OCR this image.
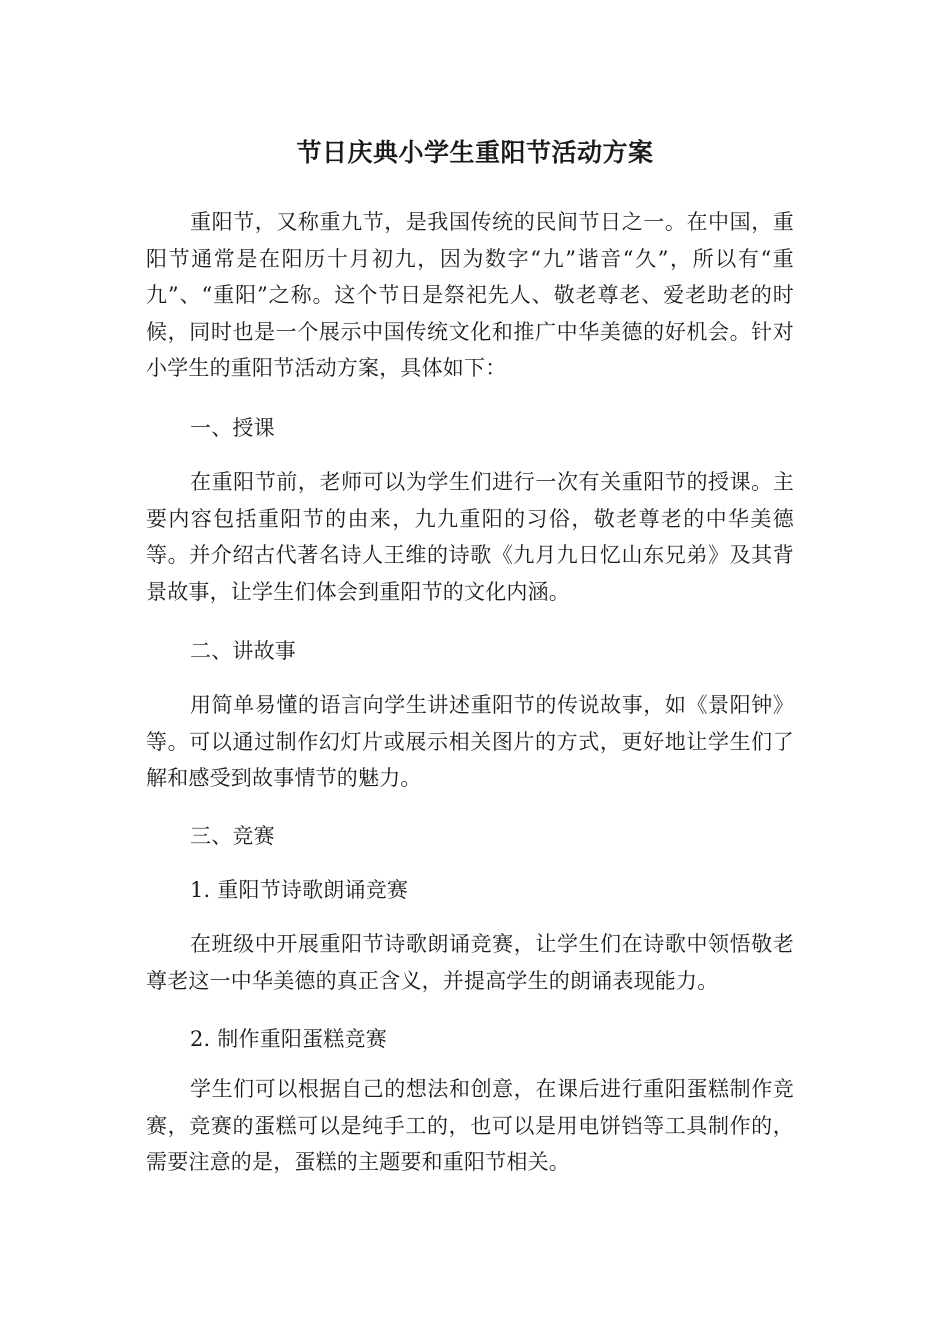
节日庆典小学生重阳节活动方案

重阳节，又称重九节，是我国传统的民间节日之一。在中国，重阳节通常是在阳历十月初九，因为数字“九”谐音“久”，所以有“重九”、“重阳”之称。这个节日是祭祀先人、敬老尊老、爱老助老的时候，同时也是一个展示中国传统文化和推广中华美德的好机会。针对小学生的重阳节活动方案，具体如下：

一、授课

在重阳节前，老师可以为学生们进行一次有关重阳节的授课。主要内容包括重阳节的由来，九九重阳的习俗，敬老尊老的中华美德等。并介绍古代著名诗人王维的诗歌《九月九日忆山东兄弟》及其背景故事，让学生们体会到重阳节的文化内涵。

二、讲故事

用简单易懂的语言向学生讲述重阳节的传说故事，如《景阳钟》等。可以通过制作幻灯片或展示相关图片的方式，更好地让学生们了解和感受到故事情节的魅力。

三、竞赛

1. 重阳节诗歌朗诵竞赛

在班级中开展重阳节诗歌朗诵竞赛，让学生们在诗歌中领悟敬老尊老这一中华美德的真正含义，并提高学生的朗诵表现能力。

2. 制作重阳蛋糕竞赛

学生们可以根据自己的想法和创意，在课后进行重阳蛋糕制作竞赛，竞赛的蛋糕可以是纯手工的，也可以是用电饼铛等工具制作的，需要注意的是，蛋糕的主题要和重阳节相关。
